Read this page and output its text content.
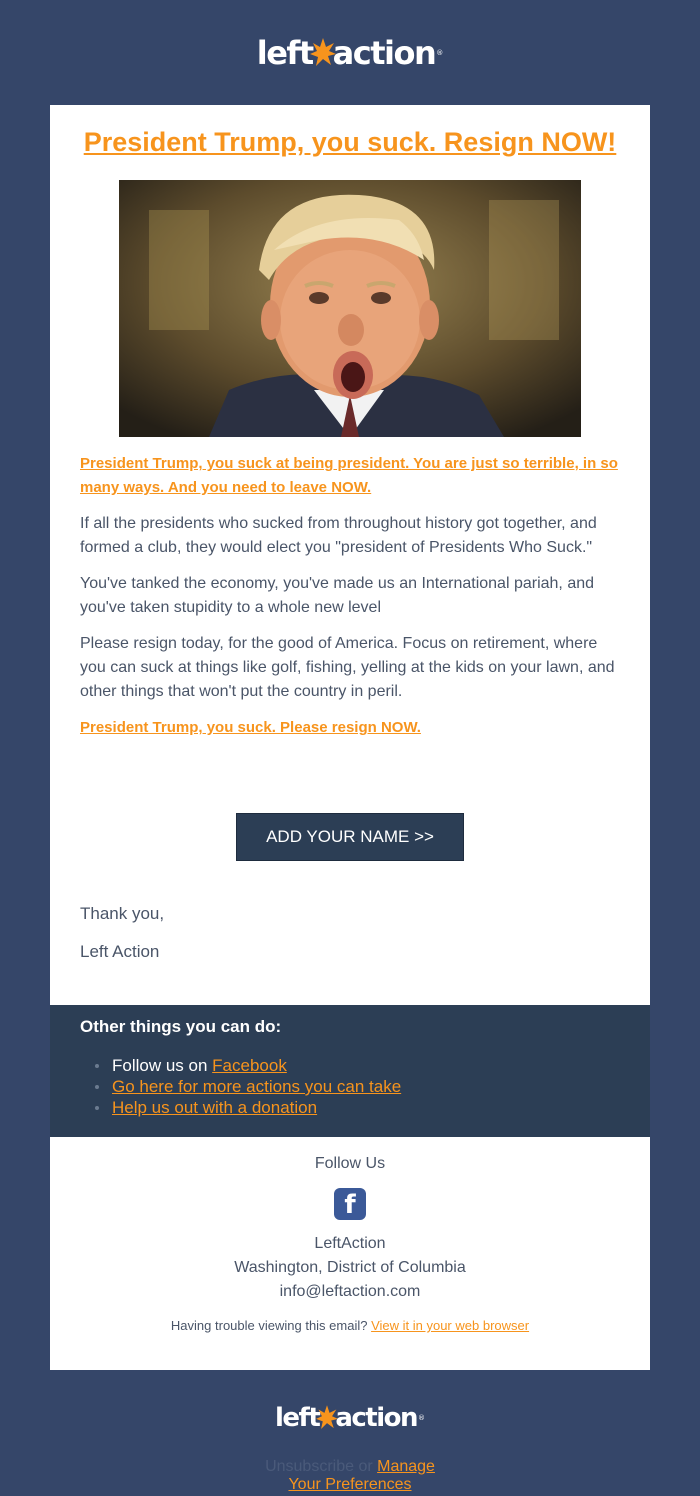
left action ®
President Trump, you suck. Resign NOW!

President Trump, you suck at being president. You are just so terrible, in so many ways. And you need to leave NOW.

If all the presidents who sucked from throughout history got together, and formed a club, they would elect you "president of Presidents Who Suck."

You've tanked the economy, you've made us an International pariah, and you've taken stupidity to a whole new level

Please resign today, for the good of America. Focus on retirement, where you can suck at things like golf, fishing, yelling at the kids on your lawn, and other things that won't put the country in peril.

President Trump, you suck. Please resign NOW.

ADD YOUR NAME >>
Thank you,
Left Action
Other things you can do:
Follow us on Facebook
Go here for more actions you can take
Help us out with a donation
Follow Us
f
LeftAction
Washington, District of Columbia
info@leftaction.com
Having trouble viewing this email? View it in your web browser
left action ®
Unsubscribe or Manage
Your Preferences
